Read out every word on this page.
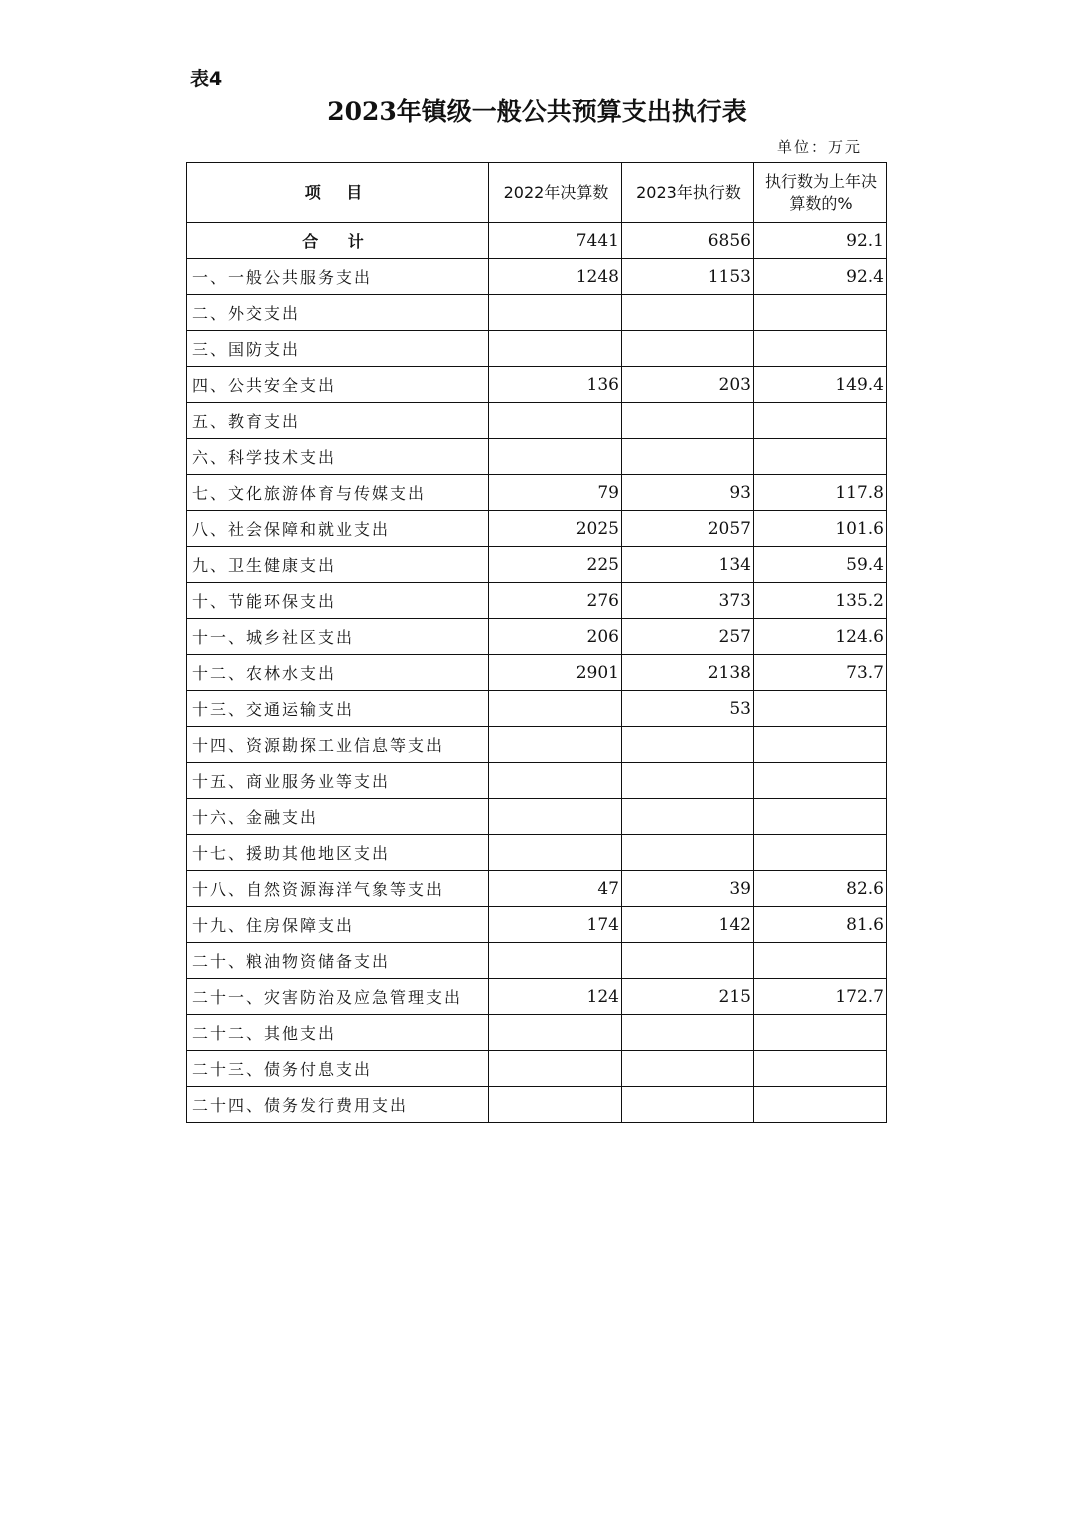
表4
2023年镇级一般公共预算支出执行表
单位：万元
项 目	2022年决算数	2023年执行数	执行数为上年决算数的%
合 计	7441	6856	92.1
一、一般公共服务支出	1248	1153	92.4
二、外交支出			
三、国防支出			
四、公共安全支出	136	203	149.4
五、教育支出			
六、科学技术支出			
七、文化旅游体育与传媒支出	79	93	117.8
八、社会保障和就业支出	2025	2057	101.6
九、卫生健康支出	225	134	59.4
十、节能环保支出	276	373	135.2
十一、城乡社区支出	206	257	124.6
十二、农林水支出	2901	2138	73.7
十三、交通运输支出		53	
十四、资源勘探工业信息等支出			
十五、商业服务业等支出			
十六、金融支出			
十七、援助其他地区支出			
十八、自然资源海洋气象等支出	47	39	82.6
十九、住房保障支出	174	142	81.6
二十、粮油物资储备支出			
二十一、灾害防治及应急管理支出	124	215	172.7
二十二、其他支出			
二十三、债务付息支出			
二十四、债务发行费用支出			
